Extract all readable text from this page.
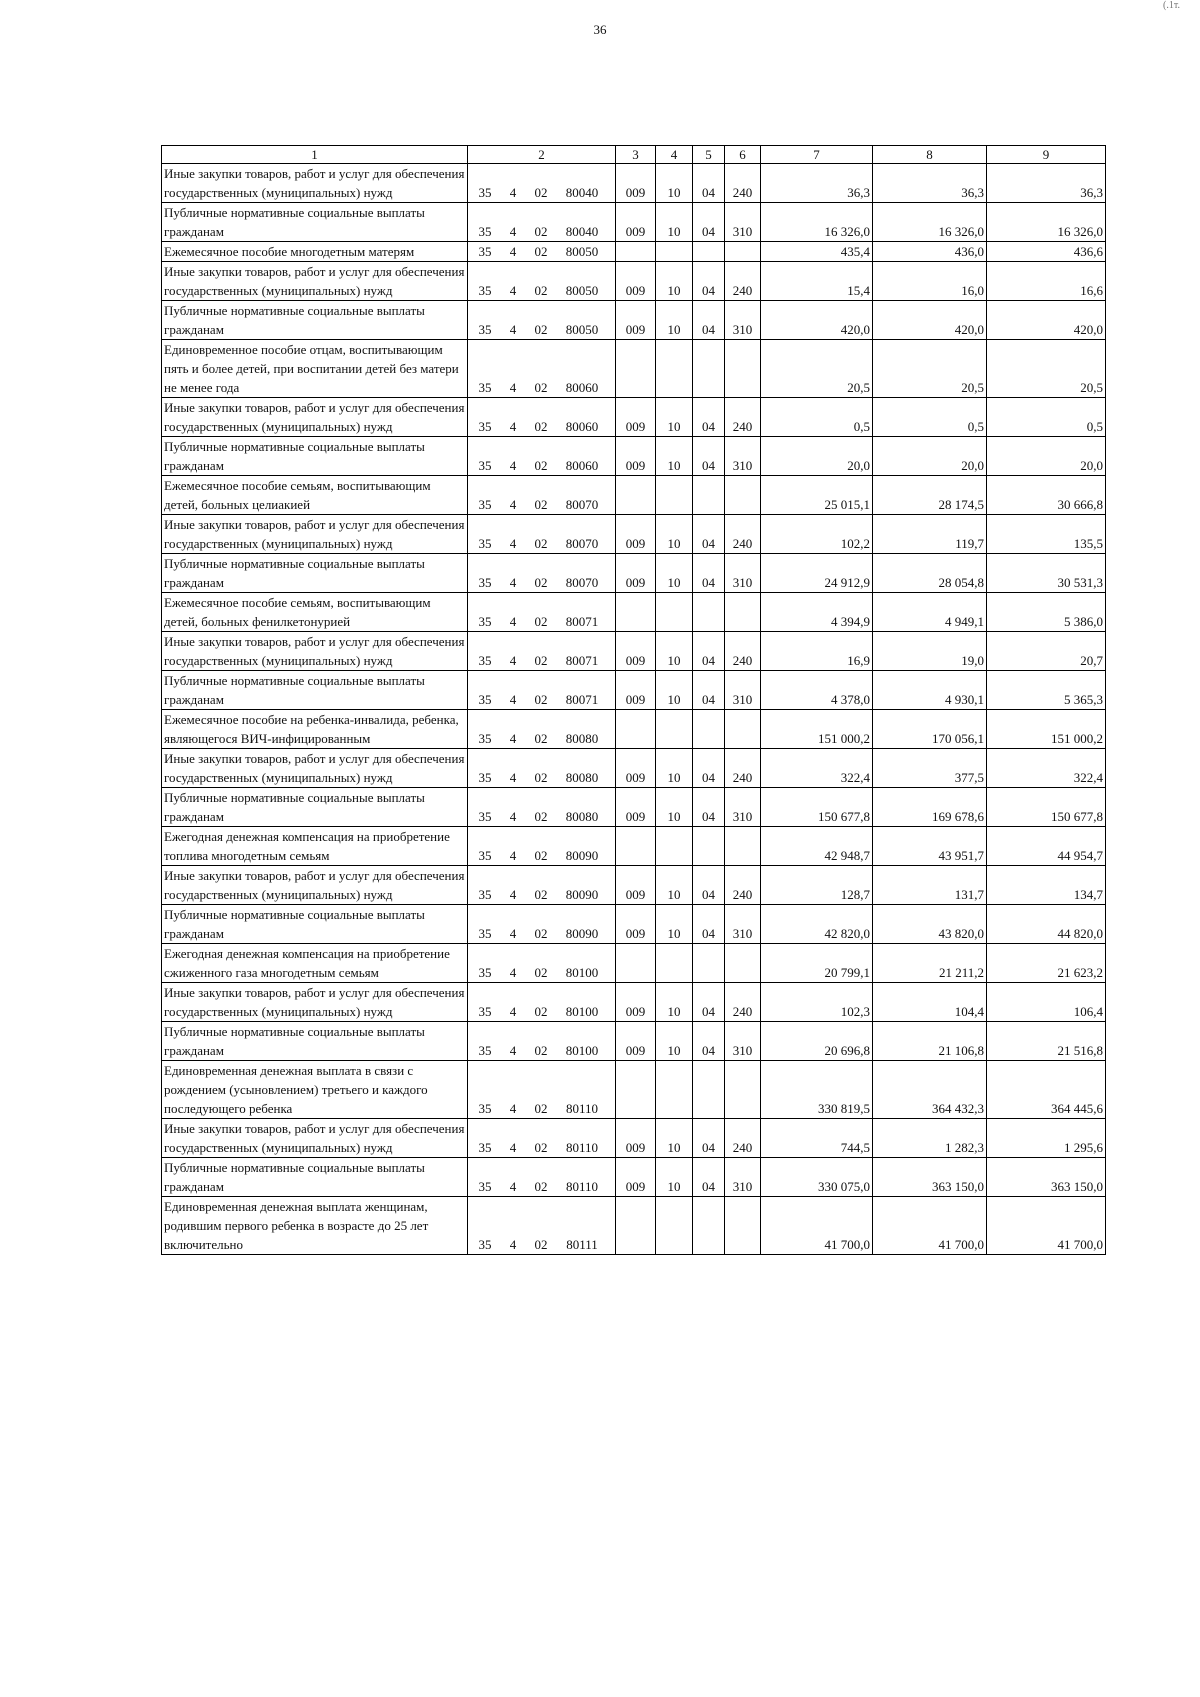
36
(.1т.
1	2	3	4	5	6	7	8	9
Иные закупки товаров, работ и услуг для обеспечения государственных (муниципальных) нужд	35 4 02 80040	009	10	04	240	36,3	36,3	36,3
Публичные нормативные социальные выплаты гражданам	35 4 02 80040	009	10	04	310	16 326,0	16 326,0	16 326,0
Ежемесячное пособие многодетным матерям	35 4 02 80050					435,4	436,0	436,6
Иные закупки товаров, работ и услуг для обеспечения государственных (муниципальных) нужд	35 4 02 80050	009	10	04	240	15,4	16,0	16,6
Публичные нормативные социальные выплаты гражданам	35 4 02 80050	009	10	04	310	420,0	420,0	420,0
Единовременное пособие отцам, воспитывающим пять и более детей, при воспитании детей без матери не менее года	35 4 02 80060					20,5	20,5	20,5
Иные закупки товаров, работ и услуг для обеспечения государственных (муниципальных) нужд	35 4 02 80060	009	10	04	240	0,5	0,5	0,5
Публичные нормативные социальные выплаты гражданам	35 4 02 80060	009	10	04	310	20,0	20,0	20,0
Ежемесячное пособие семьям, воспитывающим детей, больных целиакией	35 4 02 80070					25 015,1	28 174,5	30 666,8
Иные закупки товаров, работ и услуг для обеспечения государственных (муниципальных) нужд	35 4 02 80070	009	10	04	240	102,2	119,7	135,5
Публичные нормативные социальные выплаты гражданам	35 4 02 80070	009	10	04	310	24 912,9	28 054,8	30 531,3
Ежемесячное пособие семьям, воспитывающим детей, больных фенилкетонурией	35 4 02 80071					4 394,9	4 949,1	5 386,0
Иные закупки товаров, работ и услуг для обеспечения государственных (муниципальных) нужд	35 4 02 80071	009	10	04	240	16,9	19,0	20,7
Публичные нормативные социальные выплаты гражданам	35 4 02 80071	009	10	04	310	4 378,0	4 930,1	5 365,3
Ежемесячное пособие на ребенка-инвалида, ребенка, являющегося ВИЧ-инфицированным	35 4 02 80080					151 000,2	170 056,1	151 000,2
Иные закупки товаров, работ и услуг для обеспечения государственных (муниципальных) нужд	35 4 02 80080	009	10	04	240	322,4	377,5	322,4
Публичные нормативные социальные выплаты гражданам	35 4 02 80080	009	10	04	310	150 677,8	169 678,6	150 677,8
Ежегодная денежная компенсация на приобретение топлива многодетным семьям	35 4 02 80090					42 948,7	43 951,7	44 954,7
Иные закупки товаров, работ и услуг для обеспечения государственных (муниципальных) нужд	35 4 02 80090	009	10	04	240	128,7	131,7	134,7
Публичные нормативные социальные выплаты гражданам	35 4 02 80090	009	10	04	310	42 820,0	43 820,0	44 820,0
Ежегодная денежная компенсация на приобретение сжиженного газа многодетным семьям	35 4 02 80100					20 799,1	21 211,2	21 623,2
Иные закупки товаров, работ и услуг для обеспечения государственных (муниципальных) нужд	35 4 02 80100	009	10	04	240	102,3	104,4	106,4
Публичные нормативные социальные выплаты гражданам	35 4 02 80100	009	10	04	310	20 696,8	21 106,8	21 516,8
Единовременная денежная выплата в связи с рождением (усыновлением) третьего и каждого последующего ребенка	35 4 02 80110					330 819,5	364 432,3	364 445,6
Иные закупки товаров, работ и услуг для обеспечения государственных (муниципальных) нужд	35 4 02 80110	009	10	04	240	744,5	1 282,3	1 295,6
Публичные нормативные социальные выплаты гражданам	35 4 02 80110	009	10	04	310	330 075,0	363 150,0	363 150,0
Единовременная денежная выплата женщинам, родившим первого ребенка в возрасте до 25 лет включительно	35 4 02 80111					41 700,0	41 700,0	41 700,0
